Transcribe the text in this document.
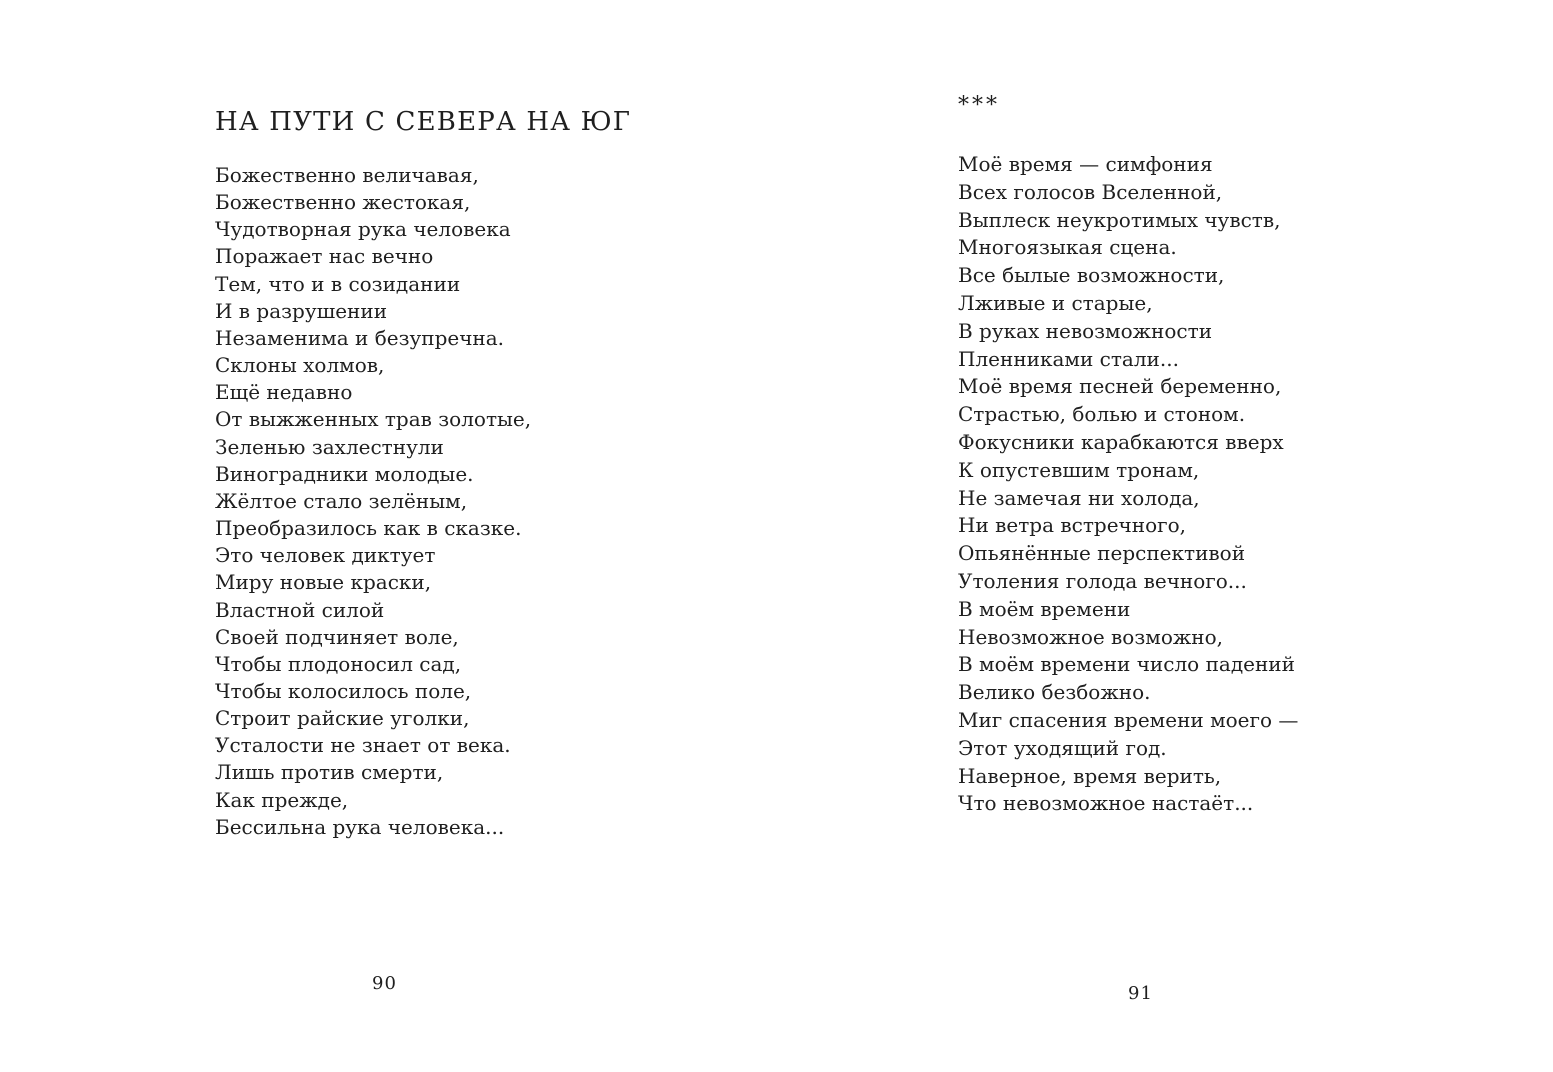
НА ПУТИ С СЕВЕРА НА ЮГ
Божественно величавая,
Божественно жестокая,
Чудотворная рука человека
Поражает нас вечно
Тем, что и в созидании
И в разрушении
Незаменима и безупречна.
Склоны холмов,
Ещё недавно
От выжженных трав золотые,
Зеленью захлестнули
Виноградники молодые.
Жёлтое стало зелёным,
Преобразилось как в сказке.
Это человек диктует
Миру новые краски,
Властной силой
Своей подчиняет воле,
Чтобы плодоносил сад,
Чтобы колосилось поле,
Строит райские уголки,
Усталости не знает от века.
Лишь против смерти,
Как прежде,
Бессильна рука человека...
90
***
Моё время — симфония
Всех голосов Вселенной,
Выплеск неукротимых чувств,
Многоязыкая сцена.
Все былые возможности,
Лживые и старые,
В руках невозможности
Пленниками стали...
Моё время песней беременно,
Страстью, болью и стоном.
Фокусники карабкаются вверх
К опустевшим тронам,
Не замечая ни холода,
Ни ветра встречного,
Опьянённые перспективой
Утоления голода вечного...
В моём времени
Невозможное возможно,
В моём времени число падений
Велико безбожно.
Миг спасения времени моего —
Этот уходящий год.
Наверное, время верить,
Что невозможное настаёт...
91
